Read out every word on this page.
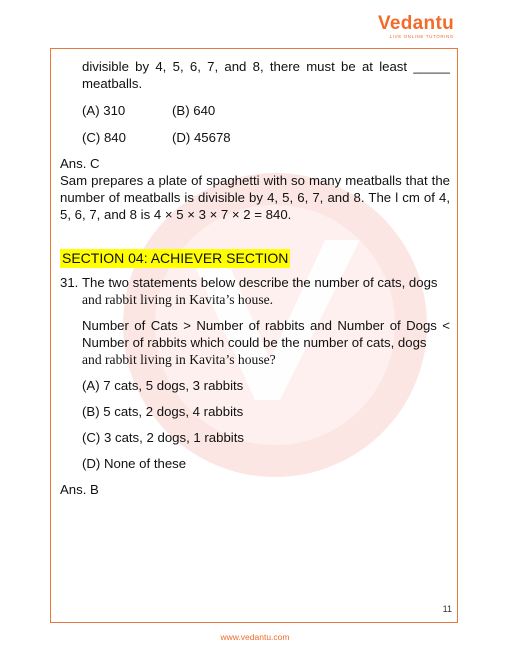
Vedantu
LIVE ONLINE TUTORING

divisible by 4, 5, 6, 7, and 8, there must be at least _____ meatballs.

(A) 310	(B) 640
(C) 840	(D) 45678

Ans. C

Sam prepares a plate of spaghetti with so many meatballs that the number of meatballs is divisible by 4, 5, 6, 7, and 8. The l cm of 4, 5, 6, 7, and 8 is 4 × 5 × 3 × 7 × 2 = 840.

SECTION 04: ACHIEVER SECTION
31. The two statements below describe the number of cats, dogs

and rabbit living in Kavita’s house.

Number of Cats > Number of rabbits and Number of Dogs < Number of rabbits which could be the number of cats, dogs

and rabbit living in Kavita’s house?

(A) 7 cats, 5 dogs, 3 rabbits

(B) 5 cats, 2 dogs, 4 rabbits

(C) 3 cats, 2 dogs, 1 rabbits

(D) None of these

Ans. B

11
www.vedantu.com
